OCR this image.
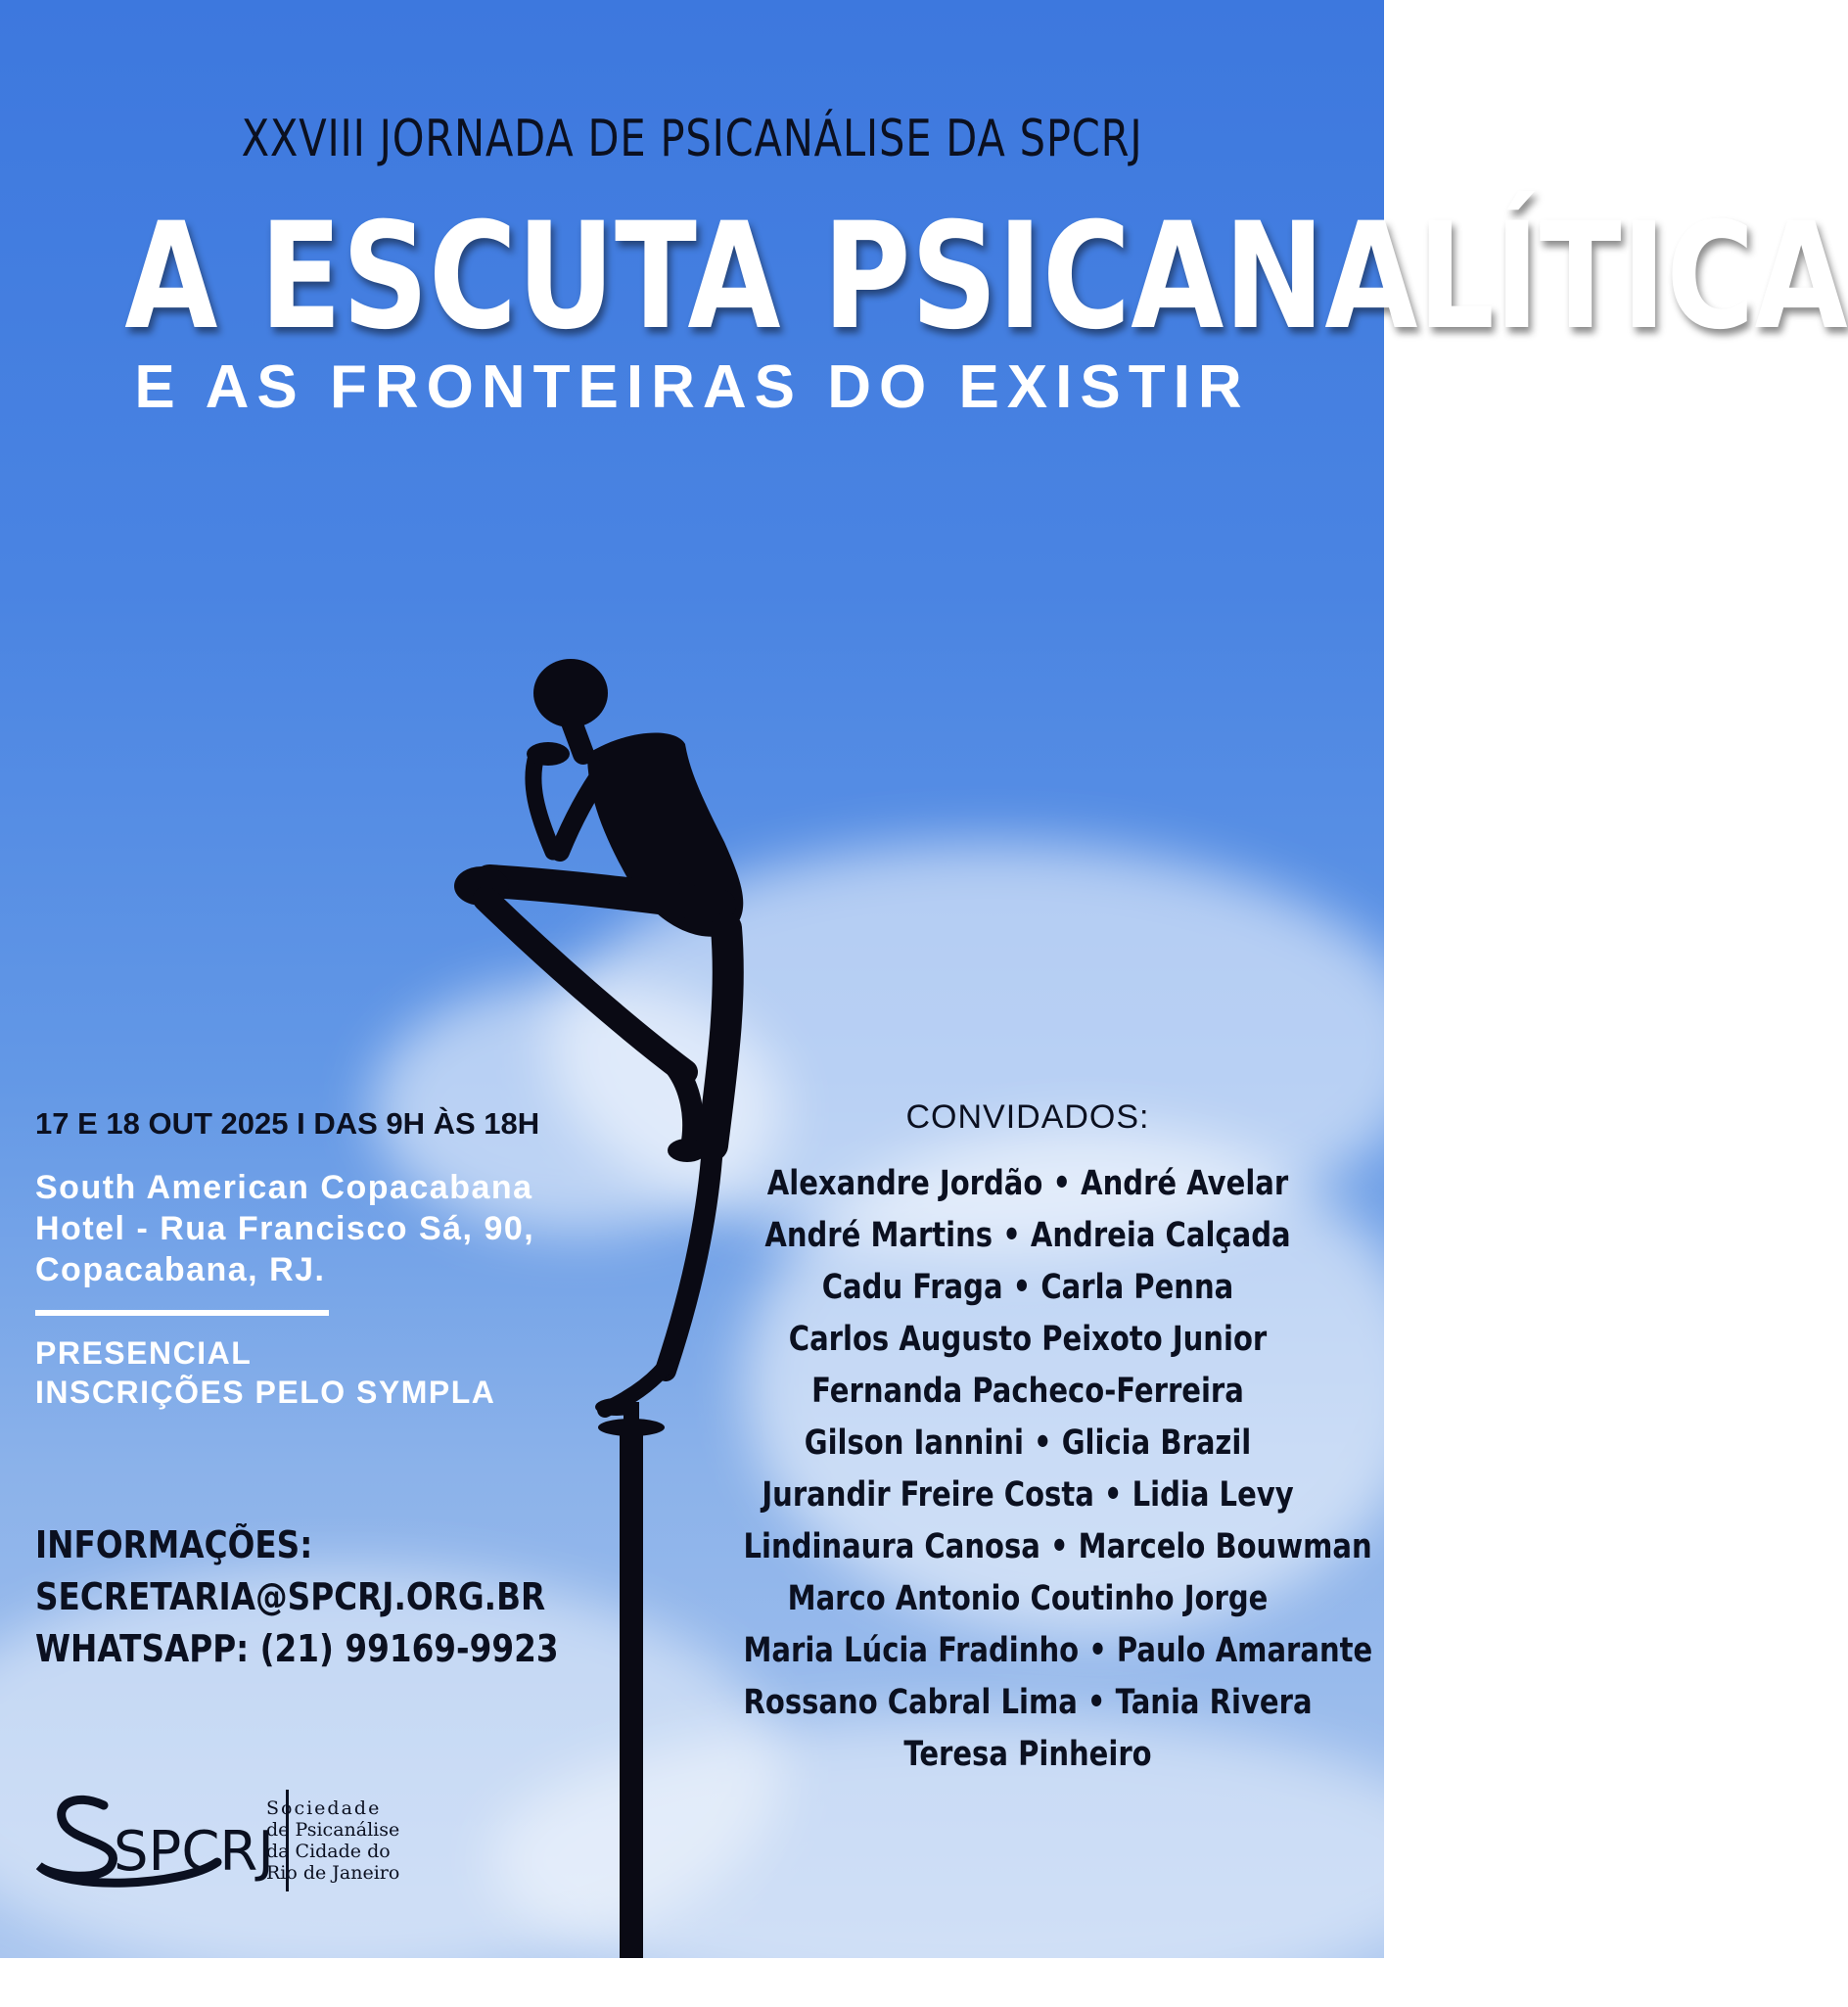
XXVIII JORNADA DE PSICANÁLISE DA SPCRJ
A ESCUTA PSICANALÍTICA
E AS FRONTEIRAS DO EXISTIR
17 E 18 OUT 2025 I DAS 9H ÀS 18H
South American Copacabana
Hotel - Rua Francisco Sá, 90,
Copacabana, RJ.
PRESENCIAL
INSCRIÇÕES PELO SYMPLA
INFORMAÇÕES:
SECRETARIA@SPCRJ.ORG.BR
WHATSAPP: (21) 99169-9923
CONVIDADOS:
Alexandre Jordão • André Avelar
André Martins • Andreia Calçada
Cadu Fraga • Carla Penna
Carlos Augusto Peixoto Junior
Fernanda Pacheco-Ferreira
Gilson Iannini • Glicia Brazil
Jurandir Freire Costa • Lidia Levy
Lindinaura Canosa • Marcelo Bouwman
Marco Antonio Coutinho Jorge
Maria Lúcia Fradinho • Paulo Amarante
Rossano Cabral Lima • Tania Rivera
Teresa Pinheiro
SPCRJ
Sociedade
de Psicanálise
da Cidade do
Rio de Janeiro
